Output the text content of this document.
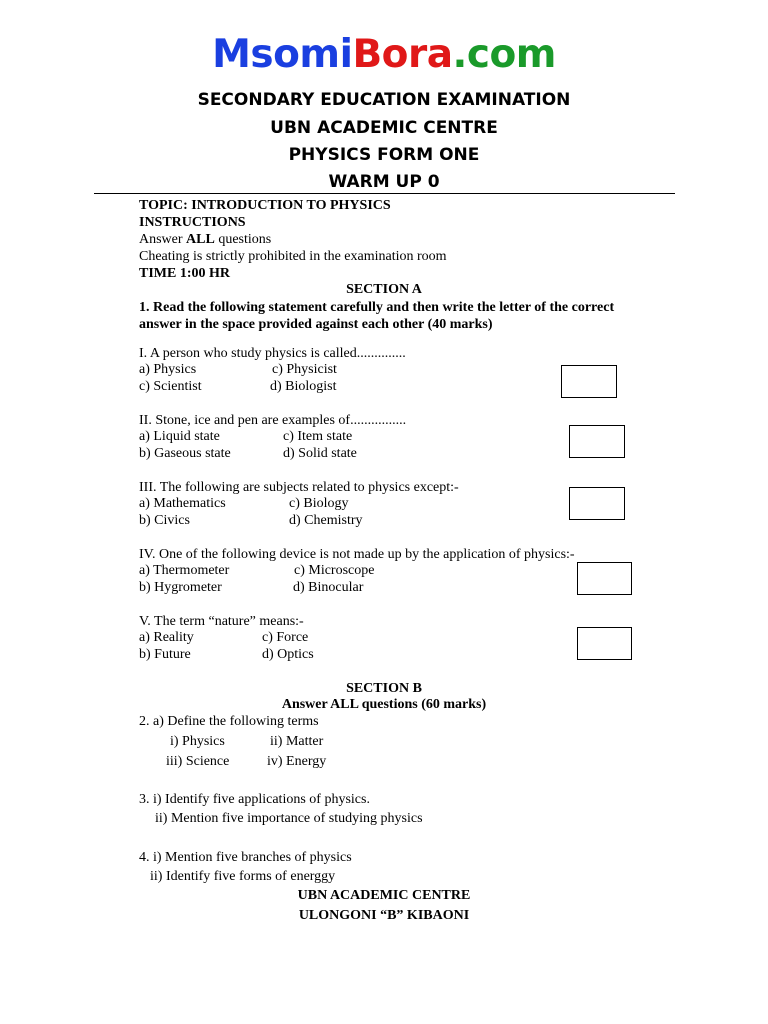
MsomiBora.com
SECONDARY EDUCATION EXAMINATION
UBN ACADEMIC CENTRE
PHYSICS FORM ONE
WARM UP 0
TOPIC: INTRODUCTION TO PHYSICS
INSTRUCTIONS
Answer ALL questions
Cheating is strictly prohibited in the examination room
TIME 1:00 HR
SECTION A
1. Read the following statement carefully and then write the letter of the correct
answer in the space provided against each other (40 marks)
I. A person who study physics is called..............
a) Physics	c) Physicist
c) Scientist	d) Biologist
II. Stone, ice and pen are examples of................
a) Liquid state	c) Item state
b) Gaseous state	d) Solid state
III. The following are subjects related to physics except:-
a) Mathematics	c) Biology
b) Civics	d) Chemistry
IV. One of the following device is not made up by the application of physics:-
a) Thermometer	c) Microscope
b) Hygrometer	d) Binocular
V. The term “nature” means:-
a) Reality	c) Force
b) Future	d) Optics
SECTION B
Answer ALL questions (60 marks)
2. a) Define the following terms
i) Physics	ii) Matter
iii) Science	iv) Energy
3. i) Identify five applications of physics.
ii) Mention five importance of studying physics
4. i) Mention five branches of physics
ii) Identify five forms of energgy
UBN ACADEMIC CENTRE
ULONGONI “B” KIBAONI
